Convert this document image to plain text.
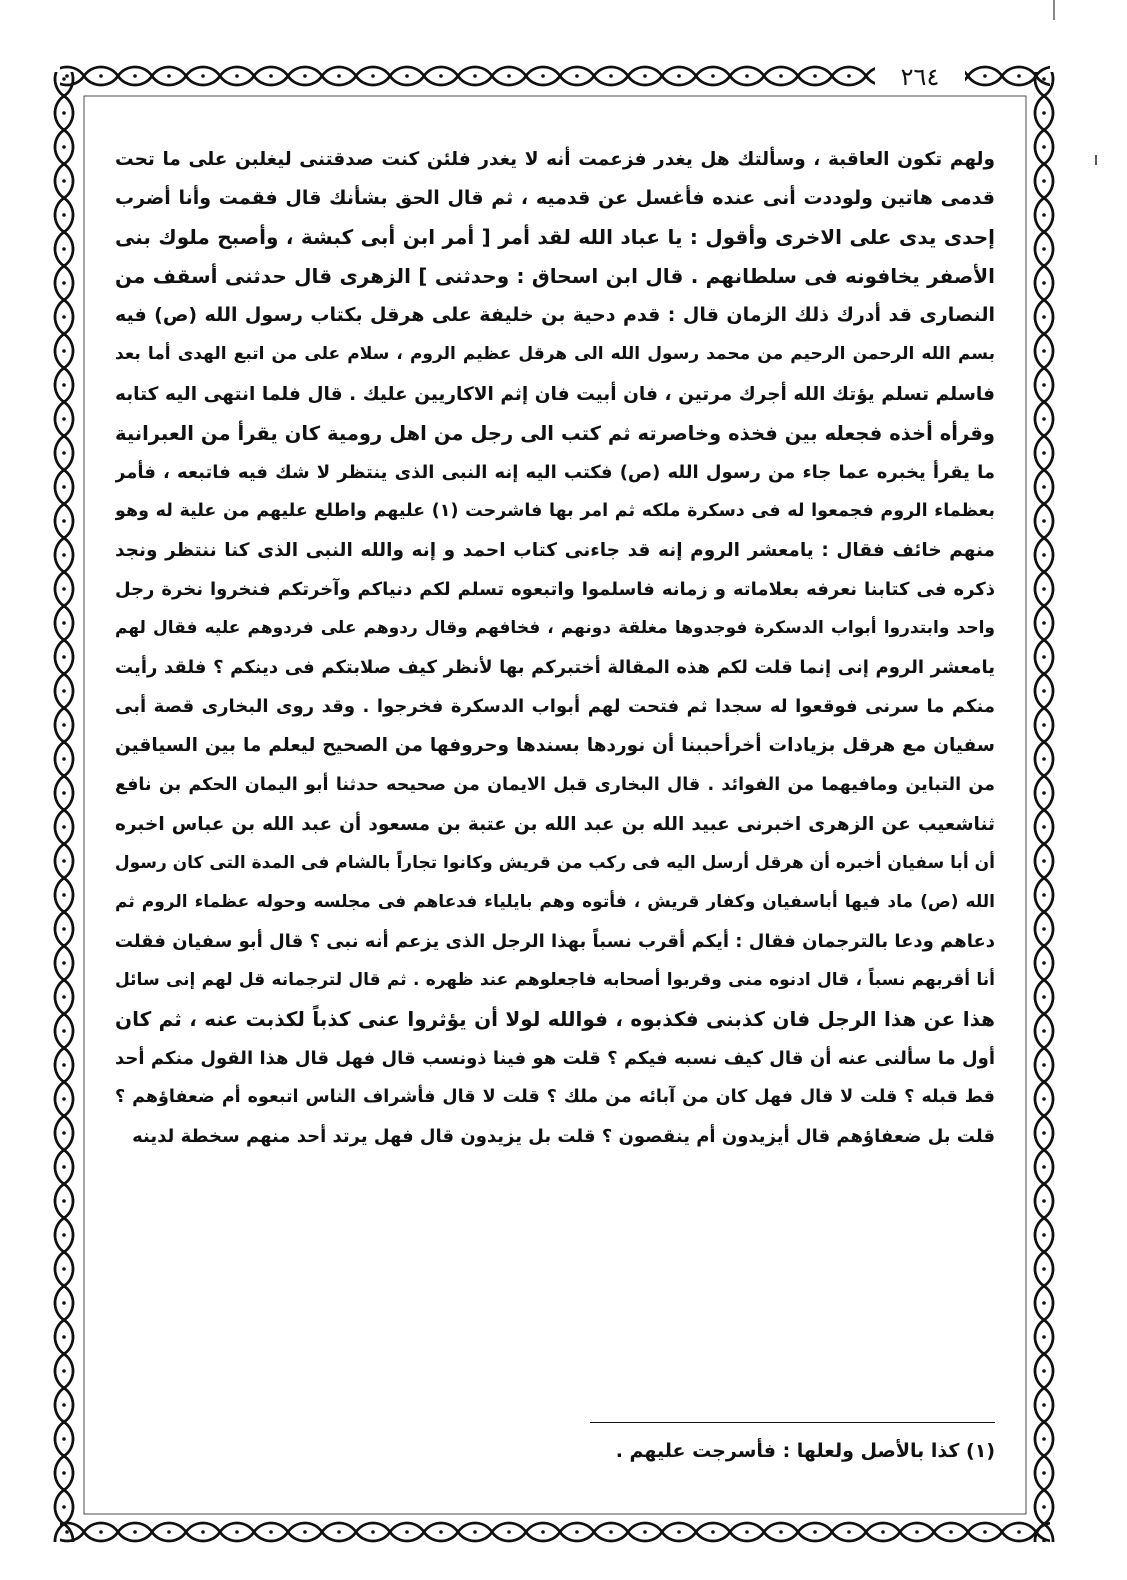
٢٦٤
ولهم تكون العاقبة ، وسألتك هل يغدر فزعمت أنه لا يغدر فلئن كنت صدقتنى ليغلبن على ما تحت
قدمى هاتين ولوددت أنى عنده فأغسل عن قدميه ، ثم قال الحق بشأنك قال فقمت وأنا أضرب
إحدى يدى على الاخرى وأقول : يا عباد الله لقد أمر [ أمر ابن أبى كبشة ، وأصبح ملوك بنى
الأصفر يخافونه فى سلطانهم . قال ابن اسحاق : وحدثنى ] الزهرى قال حدثنى أسقف من
النصارى قد أدرك ذلك الزمان قال : قدم دحية بن خليفة على هرقل بكتاب رسول الله (ص) فيه
بسم الله الرحمن الرحيم من محمد رسول الله الى هرقل عظيم الروم ، سلام على من اتبع الهدى أما بعد
فاسلم تسلم يؤتك الله أجرك مرتين ، فان أبيت فان إثم الاكاريين عليك . قال فلما انتهى اليه كتابه
وقرأه أخذه فجعله بين فخذه وخاصرته ثم كتب الى رجل من اهل رومية كان يقرأ من العبرانية
ما يقرأ يخبره عما جاء من رسول الله (ص) فكتب اليه إنه النبى الذى ينتظر لا شك فيه فاتبعه ، فأمر
بعظماء الروم فجمعوا له فى دسكرة ملكه ثم امر بها فاشرحت (١) عليهم واطلع عليهم من علية له وهو
منهم خائف فقال : يامعشر الروم إنه قد جاءنى كتاب احمد و إنه والله النبى الذى كنا ننتظر ونجد
ذكره فى كتابنا نعرفه بعلاماته و زمانه فاسلموا واتبعوه تسلم لكم دنياكم وآخرتكم فنخروا نخرة رجل
واحد وابتدروا أبواب الدسكرة فوجدوها مغلقة دونهم ، فخافهم وقال ردوهم على فردوهم عليه فقال لهم
يامعشر الروم إنى إنما قلت لكم هذه المقالة أختبركم بها لأنظر كيف صلابتكم فى دينكم ؟ فلقد رأيت
منكم ما سرنى فوقعوا له سجدا ثم فتحت لهم أبواب الدسكرة فخرجوا . وقد روى البخارى قصة أبى
سفيان مع هرقل بزيادات أخرأحببنا أن نوردها بسندها وحروفها من الصحيح ليعلم ما بين السياقين
من التباين ومافيهما من الفوائد . قال البخارى قبل الايمان من صحيحه حدثنا أبو اليمان الحكم بن نافع
ثناشعيب عن الزهرى اخبرنى عبيد الله بن عبد الله بن عتبة بن مسعود أن عبد الله بن عباس اخبره
أن أبا سفيان أخبره أن هرقل أرسل اليه فى ركب من قريش وكانوا تجاراً بالشام فى المدة التى كان رسول
الله (ص) ماد فيها أباسفيان وكفار قريش ، فأتوه وهم بايلياء فدعاهم فى مجلسه وحوله عظماء الروم ثم
دعاهم ودعا بالترجمان فقال : أيكم أقرب نسباً بهذا الرجل الذى يزعم أنه نبى ؟ قال أبو سفيان فقلت
أنا أقربهم نسباً ، قال ادنوه منى وقربوا أصحابه فاجعلوهم عند ظهره . ثم قال لترجمانه قل لهم إنى سائل
هذا عن هذا الرجل فان كذبنى فكذبوه ، فوالله لولا أن يؤثروا عنى كذباً لكذبت عنه ، ثم كان
أول ما سألنى عنه أن قال كيف نسبه فيكم ؟ قلت هو فينا ذونسب قال فهل قال هذا القول منكم أحد
قط قبله ؟ قلت لا قال فهل كان من آبائه من ملك ؟ قلت لا قال فأشراف الناس اتبعوه أم ضعفاؤهم ؟
قلت بل ضعفاؤهم قال أيزيدون أم ينقصون ؟ قلت بل يزيدون قال فهل يرتد أحد منهم سخطة لدينه
(١) كذا بالأصل ولعلها : فأسرجت عليهم .
